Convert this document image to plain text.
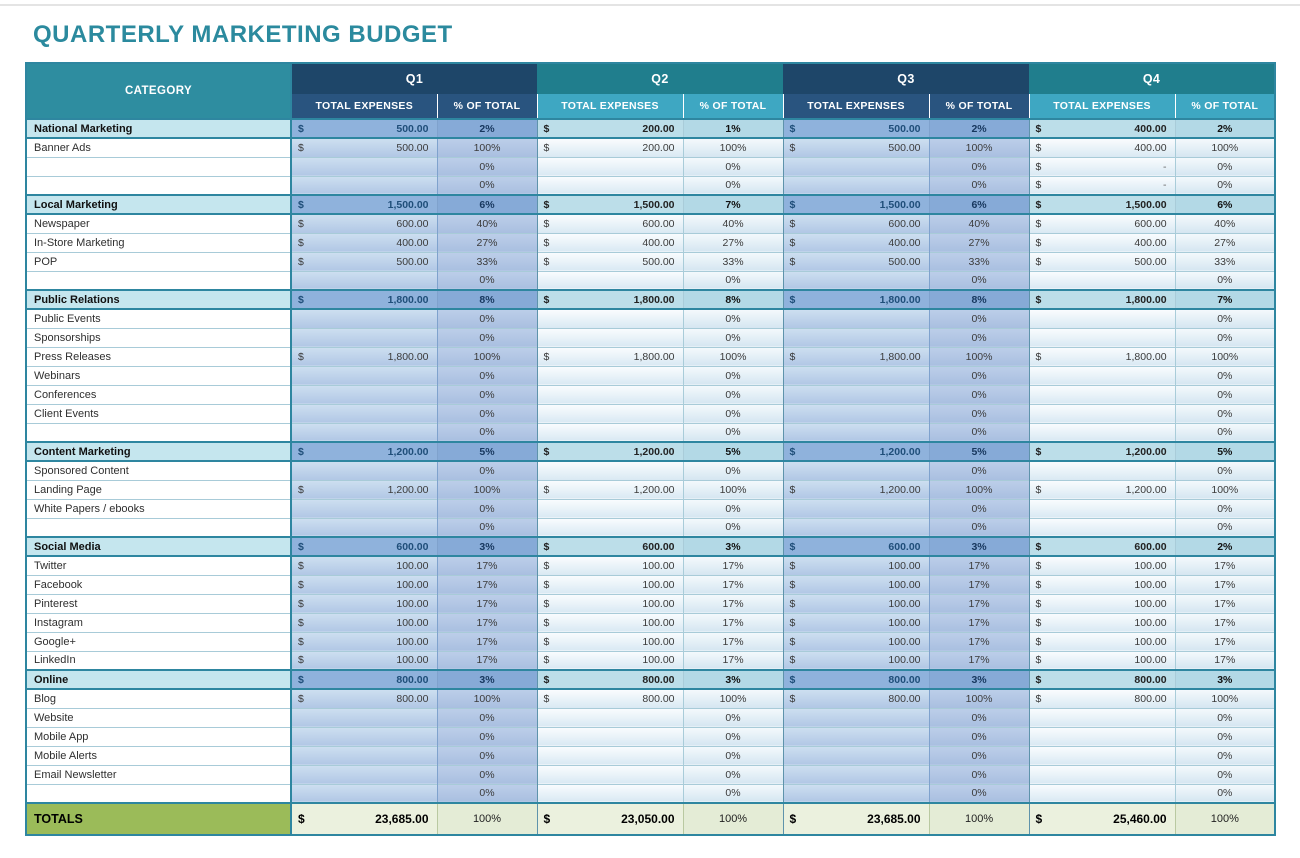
QUARTERLY MARKETING BUDGET
CATEGORY	Q1		Q2		Q3		Q4	
	TOTAL EXPENSES	% OF TOTAL	TOTAL EXPENSES	% OF TOTAL	TOTAL EXPENSES	% OF TOTAL	TOTAL EXPENSES	% OF TOTAL
National Marketing	$ 500.00	2%	$ 200.00	1%	$ 500.00	2%	$ 400.00	2%
Banner Ads	$ 500.00	100%	$ 200.00	100%	$ 500.00	100%	$ 400.00	100%
		0%		0%		0%	$ -	0%
		0%		0%		0%	$ -	0%
Local Marketing	$ 1,500.00	6%	$ 1,500.00	7%	$ 1,500.00	6%	$ 1,500.00	6%
Newspaper	$ 600.00	40%	$ 600.00	40%	$ 600.00	40%	$ 600.00	40%
In-Store Marketing	$ 400.00	27%	$ 400.00	27%	$ 400.00	27%	$ 400.00	27%
POP	$ 500.00	33%	$ 500.00	33%	$ 500.00	33%	$ 500.00	33%
		0%		0%		0%		0%
Public Relations	$ 1,800.00	8%	$ 1,800.00	8%	$ 1,800.00	8%	$ 1,800.00	7%
Public Events		0%		0%		0%		0%
Sponsorships		0%		0%		0%		0%
Press Releases	$ 1,800.00	100%	$ 1,800.00	100%	$ 1,800.00	100%	$ 1,800.00	100%
Webinars		0%		0%		0%		0%
Conferences		0%		0%		0%		0%
Client Events		0%		0%		0%		0%
		0%		0%		0%		0%
Content Marketing	$ 1,200.00	5%	$ 1,200.00	5%	$ 1,200.00	5%	$ 1,200.00	5%
Sponsored Content		0%		0%		0%		0%
Landing Page	$ 1,200.00	100%	$ 1,200.00	100%	$ 1,200.00	100%	$ 1,200.00	100%
White Papers / ebooks		0%		0%		0%		0%
		0%		0%		0%		0%
Social Media	$ 600.00	3%	$ 600.00	3%	$ 600.00	3%	$ 600.00	2%
Twitter	$ 100.00	17%	$ 100.00	17%	$ 100.00	17%	$ 100.00	17%
Facebook	$ 100.00	17%	$ 100.00	17%	$ 100.00	17%	$ 100.00	17%
Pinterest	$ 100.00	17%	$ 100.00	17%	$ 100.00	17%	$ 100.00	17%
Instagram	$ 100.00	17%	$ 100.00	17%	$ 100.00	17%	$ 100.00	17%
Google+	$ 100.00	17%	$ 100.00	17%	$ 100.00	17%	$ 100.00	17%
LinkedIn	$ 100.00	17%	$ 100.00	17%	$ 100.00	17%	$ 100.00	17%
Online	$ 800.00	3%	$ 800.00	3%	$ 800.00	3%	$ 800.00	3%
Blog	$ 800.00	100%	$ 800.00	100%	$ 800.00	100%	$ 800.00	100%
Website		0%		0%		0%		0%
Mobile App		0%		0%		0%		0%
Mobile Alerts		0%		0%		0%		0%
Email Newsletter		0%		0%		0%		0%
		0%		0%		0%		0%
TOTALS	$ 23,685.00	100%	$ 23,050.00	100%	$ 23,685.00	100%	$ 25,460.00	100%
